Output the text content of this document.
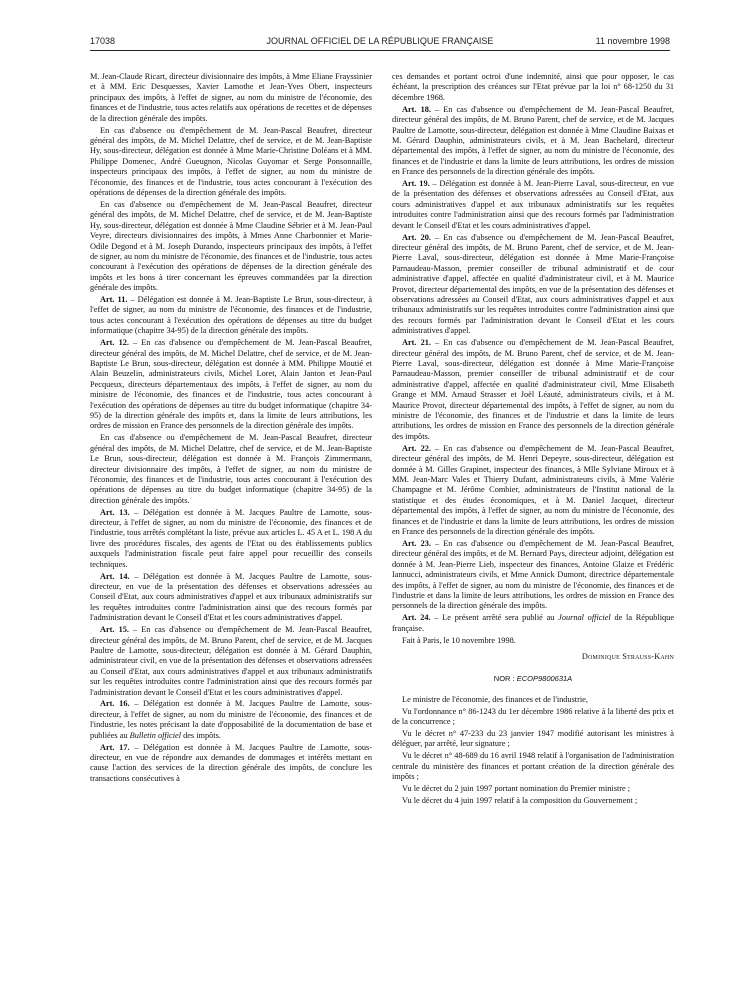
17038	JOURNAL OFFICIEL DE LA RÉPUBLIQUE FRANÇAISE	11 novembre 1998

M. Jean-Claude Ricart, directeur divisionnaire des impôts, à Mme Eliane Frayssinier et à MM. Eric Desquesses, Xavier Lamothe et Jean-Yves Obert, inspecteurs principaux des impôts, à l'effet de signer, au nom du ministre de l'économie, des finances et de l'industrie, tous actes relatifs aux opérations de recettes et de dépenses de la direction générale des impôts.

En cas d'absence ou d'empêchement de M. Jean-Pascal Beaufret, directeur général des impôts, de M. Michel Delattre, chef de service, et de M. Jean-Baptiste Hy, sous-directeur, délégation est donnée à Mme Marie-Christine Doléans et à MM. Philippe Domenec, André Gueugnon, Nicolas Guyomar et Serge Ponsonnaille, inspecteurs principaux des impôts, à l'effet de signer, au nom du ministre de l'économie, des finances et de l'industrie, tous actes concourant à l'exécution des opérations de dépenses de la direction générale des impôts.

En cas d'absence ou d'empêchement de M. Jean-Pascal Beaufret, directeur général des impôts, de M. Michel Delattre, chef de service, et de M. Jean-Baptiste Hy, sous-directeur, délégation est donnée à Mme Claudine Sébrier et à M. Jean-Paul Veyre, directeurs divisionnaires des impôts, à Mmes Anne Charbonnier et Marie-Odile Degond et à M. Joseph Durando, inspecteurs principaux des impôts, à l'effet de signer, au nom du ministre de l'économie, des finances et de l'industrie, tous actes concourant à l'exécution des opérations de dépenses de la direction générale des impôts et les bons à tirer concernant les épreuves commandées par la direction générale des impôts.

Art. 11. – Délégation est donnée à M. Jean-Baptiste Le Brun, sous-directeur, à l'effet de signer, au nom du ministre de l'économie, des finances et de l'industrie, tous actes concourant à l'exécution des opérations de dépenses au titre du budget informatique (chapitre 34-95) de la direction générale des impôts.

Art. 12. – En cas d'absence ou d'empêchement de M. Jean-Pascal Beaufret, directeur général des impôts, de M. Michel Delattre, chef de service, et de M. Jean-Baptiste Le Brun, sous-directeur, délégation est donnée à MM. Philippe Moutié et Alain Beuzelin, administrateurs civils, Michel Loret, Alain Janton et Jean-Paul Pecqueux, directeurs départementaux des impôts, à l'effet de signer, au nom du ministre de l'économie, des finances et de l'industrie, tous actes concourant à l'exécution des opérations de dépenses au titre du budget informatique (chapitre 34-95) de la direction générale des impôts et, dans la limite de leurs attributions, les ordres de mission en France des personnels de la direction générale des impôts.

En cas d'absence ou d'empêchement de M. Jean-Pascal Beaufret, directeur général des impôts, de M. Michel Delattre, chef de service, et de M. Jean-Baptiste Le Brun, sous-directeur, délégation est donnée à M. François Zimmermann, directeur divisionnaire des impôts, à l'effet de signer, au nom du ministre de l'économie, des finances et de l'industrie, tous actes concourant à l'exécution des opérations de dépenses au titre du budget informatique (chapitre 34-95) de la direction générale des impôts.

Art. 13. – Délégation est donnée à M. Jacques Paultre de Lamotte, sous-directeur, à l'effet de signer, au nom du ministre de l'économie, des finances et de l'industrie, tous arrêtés complétant la liste, prévue aux articles L. 45 A et L. 198 A du livre des procédures fiscales, des agents de l'Etat ou des établissements publics auxquels l'administration fiscale peut faire appel pour recueillir des conseils techniques.

Art. 14. – Délégation est donnée à M. Jacques Paultre de Lamotte, sous-directeur, en vue de la présentation des défenses et observations adressées au Conseil d'Etat, aux cours administratives d'appel et aux tribunaux administratifs sur les requêtes introduites contre l'administration ainsi que des recours formés par l'administration devant le Conseil d'Etat et les cours administratives d'appel.

Art. 15. – En cas d'absence ou d'empêchement de M. Jean-Pascal Beaufret, directeur général des impôts, de M. Bruno Parent, chef de service, et de M. Jacques Paultre de Lamotte, sous-directeur, délégation est donnée à M. Gérard Dauphin, administrateur civil, en vue de la présentation des défenses et observations adressées au Conseil d'Etat, aux cours administratives d'appel et aux tribunaux administratifs sur les requêtes introduites contre l'administration ainsi que des recours formés par l'administration devant le Conseil d'Etat et les cours administratives d'appel.

Art. 16. – Délégation est donnée à M. Jacques Paultre de Lamotte, sous-directeur, à l'effet de signer, au nom du ministre de l'économie, des finances et de l'industrie, les notes précisant la date d'opposabilité de la documentation de base et publiées au Bulletin officiel des impôts.

Art. 17. – Délégation est donnée à M. Jacques Paultre de Lamotte, sous-directeur, en vue de répondre aux demandes de dommages et intérêts mettant en cause l'action des services de la direction générale des impôts, de conclure les transactions consécutives à

ces demandes et portant octroi d'une indemnité, ainsi que pour opposer, le cas échéant, la prescription des créances sur l'Etat prévue par la loi n° 68-1250 du 31 décembre 1968.

Art. 18. – En cas d'absence ou d'empêchement de M. Jean-Pascal Beaufret, directeur général des impôts, de M. Bruno Parent, chef de service, et de M. Jacques Paultre de Lamotte, sous-directeur, délégation est donnée à Mme Claudine Baixas et M. Gérard Dauphin, administrateurs civils, et à M. Jean Bachelard, directeur départemental des impôts, à l'effet de signer, au nom du ministre de l'économie, des finances et de l'industrie et dans la limite de leurs attributions, les ordres de mission en France des personnels de la direction générale des impôts.

Art. 19. – Délégation est donnée à M. Jean-Pierre Laval, sous-directeur, en vue de la présentation des défenses et observations adressées au Conseil d'Etat, aux cours administratives d'appel et aux tribunaux administratifs sur les requêtes introduites contre l'administration ainsi que des recours formés par l'administration devant le Conseil d'Etat et les cours administratives d'appel.

Art. 20. – En cas d'absence ou d'empêchement de M. Jean-Pascal Beaufret, directeur général des impôts, de M. Bruno Parent, chef de service, et de M. Jean-Pierre Laval, sous-directeur, délégation est donnée à Mme Marie-Françoise Parnaudeau-Masson, premier conseiller de tribunal administratif et de cour administrative d'appel, affectée en qualité d'administrateur civil, et à M. Maurice Provot, directeur départemental des impôts, en vue de la présentation des défenses et observations adressées au Conseil d'Etat, aux cours administratives d'appel et aux tribunaux administratifs sur les requêtes introduites contre l'administration ainsi que des recours formés par l'administration devant le Conseil d'Etat et les cours administratives d'appel.

Art. 21. – En cas d'absence ou d'empêchement de M. Jean-Pascal Beaufret, directeur général des impôts, de M. Bruno Parent, chef de service, et de M. Jean-Pierre Laval, sous-directeur, délégation est donnée à Mme Marie-Françoise Parnaudeau-Masson, premier conseiller de tribunal administratif et de cour administrative d'appel, affectée en qualité d'administrateur civil, Mme Elisabeth Grange et MM. Arnaud Strasser et Joël Léauté, administrateurs civils, et à M. Maurice Provot, directeur départemental des impôts, à l'effet de signer, au nom du ministre de l'économie, des finances et de l'industrie et dans la limite de leurs attributions, les ordres de mission en France des personnels de la direction générale des impôts.

Art. 22. – En cas d'absence ou d'empêchement de M. Jean-Pascal Beaufret, directeur général des impôts, de M. Henri Depeyre, sous-directeur, délégation est donnée à M. Gilles Grapinet, inspecteur des finances, à Mlle Sylviane Miroux et à MM. Jean-Marc Vales et Thierry Dufant, administrateurs civils, à Mme Valérie Champagne et M. Jérôme Combier, administrateurs de l'Institut national de la statistique et des études économiques, et à M. Daniel Jacquet, directeur départemental des impôts, à l'effet de signer, au nom du ministre de l'économie, des finances et de l'industrie et dans la limite de leurs attributions, les ordres de mission en France des personnels de la direction générale des impôts.

Art. 23. – En cas d'absence ou d'empêchement de M. Jean-Pascal Beaufret, directeur général des impôts, et de M. Bernard Pays, directeur adjoint, délégation est donnée à M. Jean-Pierre Lieb, inspecteur des finances, Antoine Glaize et Frédéric Iannucci, administrateurs civils, et Mme Annick Dumont, directrice départementale des impôts, à l'effet de signer, au nom du ministre de l'économie, des finances et de l'industrie et dans la limite de leurs attributions, les ordres de mission en France des personnels de la direction générale des impôts.

Art. 24. – Le présent arrêté sera publié au Journal officiel de la République française.

Fait à Paris, le 10 novembre 1998.

Dominique Strauss-Kahn

NOR : ECOP9800631A

Le ministre de l'économie, des finances et de l'industrie,

Vu l'ordonnance n° 86-1243 du 1er décembre 1986 relative à la liberté des prix et de la concurrence ;

Vu le décret n° 47-233 du 23 janvier 1947 modifié autorisant les ministres à déléguer, par arrêté, leur signature ;

Vu le décret n° 48-689 du 16 avril 1948 relatif à l'organisation de l'administration centrale du ministère des finances et portant création de la direction générale des impôts ;

Vu le décret du 2 juin 1997 portant nomination du Premier ministre ;

Vu le décret du 4 juin 1997 relatif à la composition du Gouvernement ;
